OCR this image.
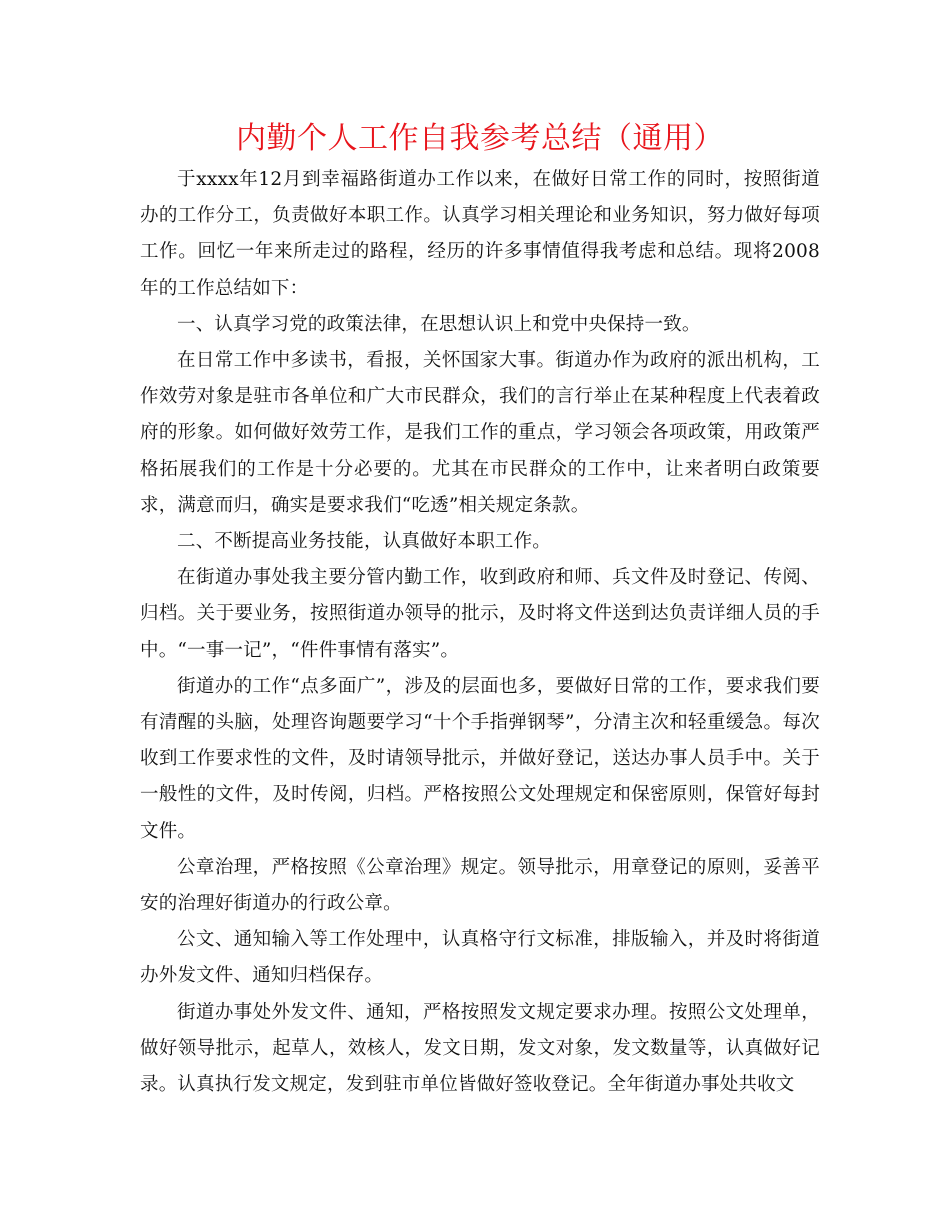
内勤个人工作自我参考总结（通用）

于xxxx年12月到幸福路街道办工作以来，在做好日常工作的同时，按照街道办的工作分工，负责做好本职工作。认真学习相关理论和业务知识，努力做好每项工作。回忆一年来所走过的路程，经历的许多事情值得我考虑和总结。现将2008年的工作总结如下：

一、认真学习党的政策法律，在思想认识上和党中央保持一致。

在日常工作中多读书，看报，关怀国家大事。街道办作为政府的派出机构，工作效劳对象是驻市各单位和广大市民群众，我们的言行举止在某种程度上代表着政府的形象。如何做好效劳工作，是我们工作的重点，学习领会各项政策，用政策严格拓展我们的工作是十分必要的。尤其在市民群众的工作中，让来者明白政策要求，满意而归，确实是要求我们“吃透”相关规定条款。

二、不断提高业务技能，认真做好本职工作。

在街道办事处我主要分管内勤工作，收到政府和师、兵文件及时登记、传阅、归档。关于要业务，按照街道办领导的批示，及时将文件送到达负责详细人员的手中。“一事一记”，“件件事情有落实”。

街道办的工作“点多面广”，涉及的层面也多，要做好日常的工作，要求我们要有清醒的头脑，处理咨询题要学习“十个手指弹钢琴”，分清主次和轻重缓急。每次收到工作要求性的文件，及时请领导批示，并做好登记，送达办事人员手中。关于一般性的文件，及时传阅，归档。严格按照公文处理规定和保密原则，保管好每封文件。

公章治理，严格按照《公章治理》规定。领导批示，用章登记的原则，妥善平安的治理好街道办的行政公章。

公文、通知输入等工作处理中，认真格守行文标准，排版输入，并及时将街道办外发文件、通知归档保存。

街道办事处外发文件、通知，严格按照发文规定要求办理。按照公文处理单，做好领导批示，起草人，效核人，发文日期，发文对象，发文数量等，认真做好记录。认真执行发文规定，发到驻市单位皆做好签收登记。全年街道办事处共收文
